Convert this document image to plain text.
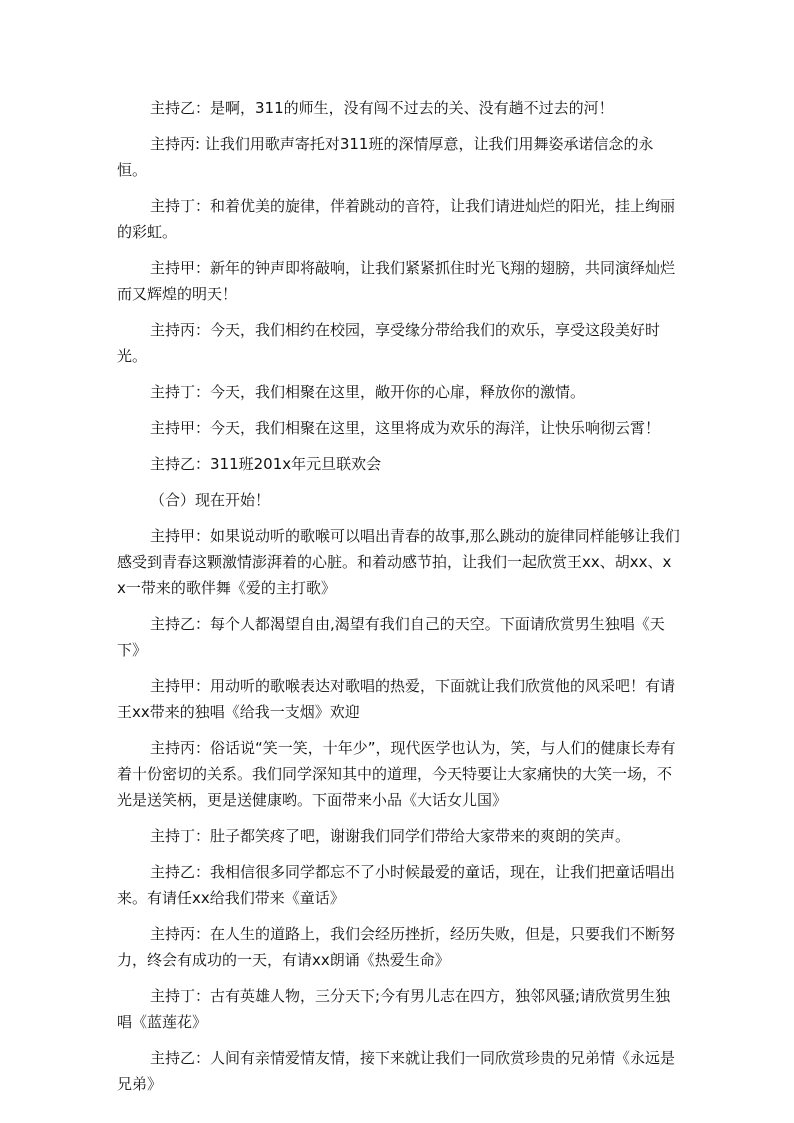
主持乙：是啊，311的师生，没有闯不过去的关、没有趟不过去的河！

主持丙: 让我们用歌声寄托对311班的深情厚意，让我们用舞姿承诺信念的永恒。

主持丁：和着优美的旋律，伴着跳动的音符，让我们请进灿烂的阳光，挂上绚丽的彩虹。

主持甲：新年的钟声即将敲响，让我们紧紧抓住时光飞翔的翅膀，共同演绎灿烂而又辉煌的明天！

主持丙：今天，我们相约在校园，享受缘分带给我们的欢乐，享受这段美好时光。

主持丁：今天，我们相聚在这里，敞开你的心扉，释放你的激情。

主持甲：今天，我们相聚在这里，这里将成为欢乐的海洋，让快乐响彻云霄！

主持乙：311班201x年元旦联欢会

（合）现在开始！

主持甲：如果说动听的歌喉可以唱出青春的故事,那么跳动的旋律同样能够让我们感受到青春这颗激情澎湃着的心脏。和着动感节拍，让我们一起欣赏王xx、胡xx、xx一带来的歌伴舞《爱的主打歌》

主持乙：每个人都渴望自由,渴望有我们自己的天空。下面请欣赏男生独唱《天下》

主持甲：用动听的歌喉表达对歌唱的热爱，下面就让我们欣赏他的风采吧！有请王xx带来的独唱《给我一支烟》欢迎

主持丙：俗话说“笑一笑，十年少”，现代医学也认为，笑，与人们的健康长寿有着十份密切的关系。我们同学深知其中的道理，今天特要让大家痛快的大笑一场，不光是送笑柄，更是送健康哟。下面带来小品《大话女儿国》

主持丁：肚子都笑疼了吧，谢谢我们同学们带给大家带来的爽朗的笑声。

主持乙：我相信很多同学都忘不了小时候最爱的童话，现在，让我们把童话唱出来。有请任xx给我们带来《童话》

主持丙：在人生的道路上，我们会经历挫折，经历失败，但是，只要我们不断努力，终会有成功的一天，有请xx朗诵《热爱生命》

主持丁：古有英雄人物，三分天下;今有男儿志在四方，独邻风骚;请欣赏男生独唱《蓝莲花》

主持乙：人间有亲情爱情友情，接下来就让我们一同欣赏珍贵的兄弟情《永远是兄弟》
